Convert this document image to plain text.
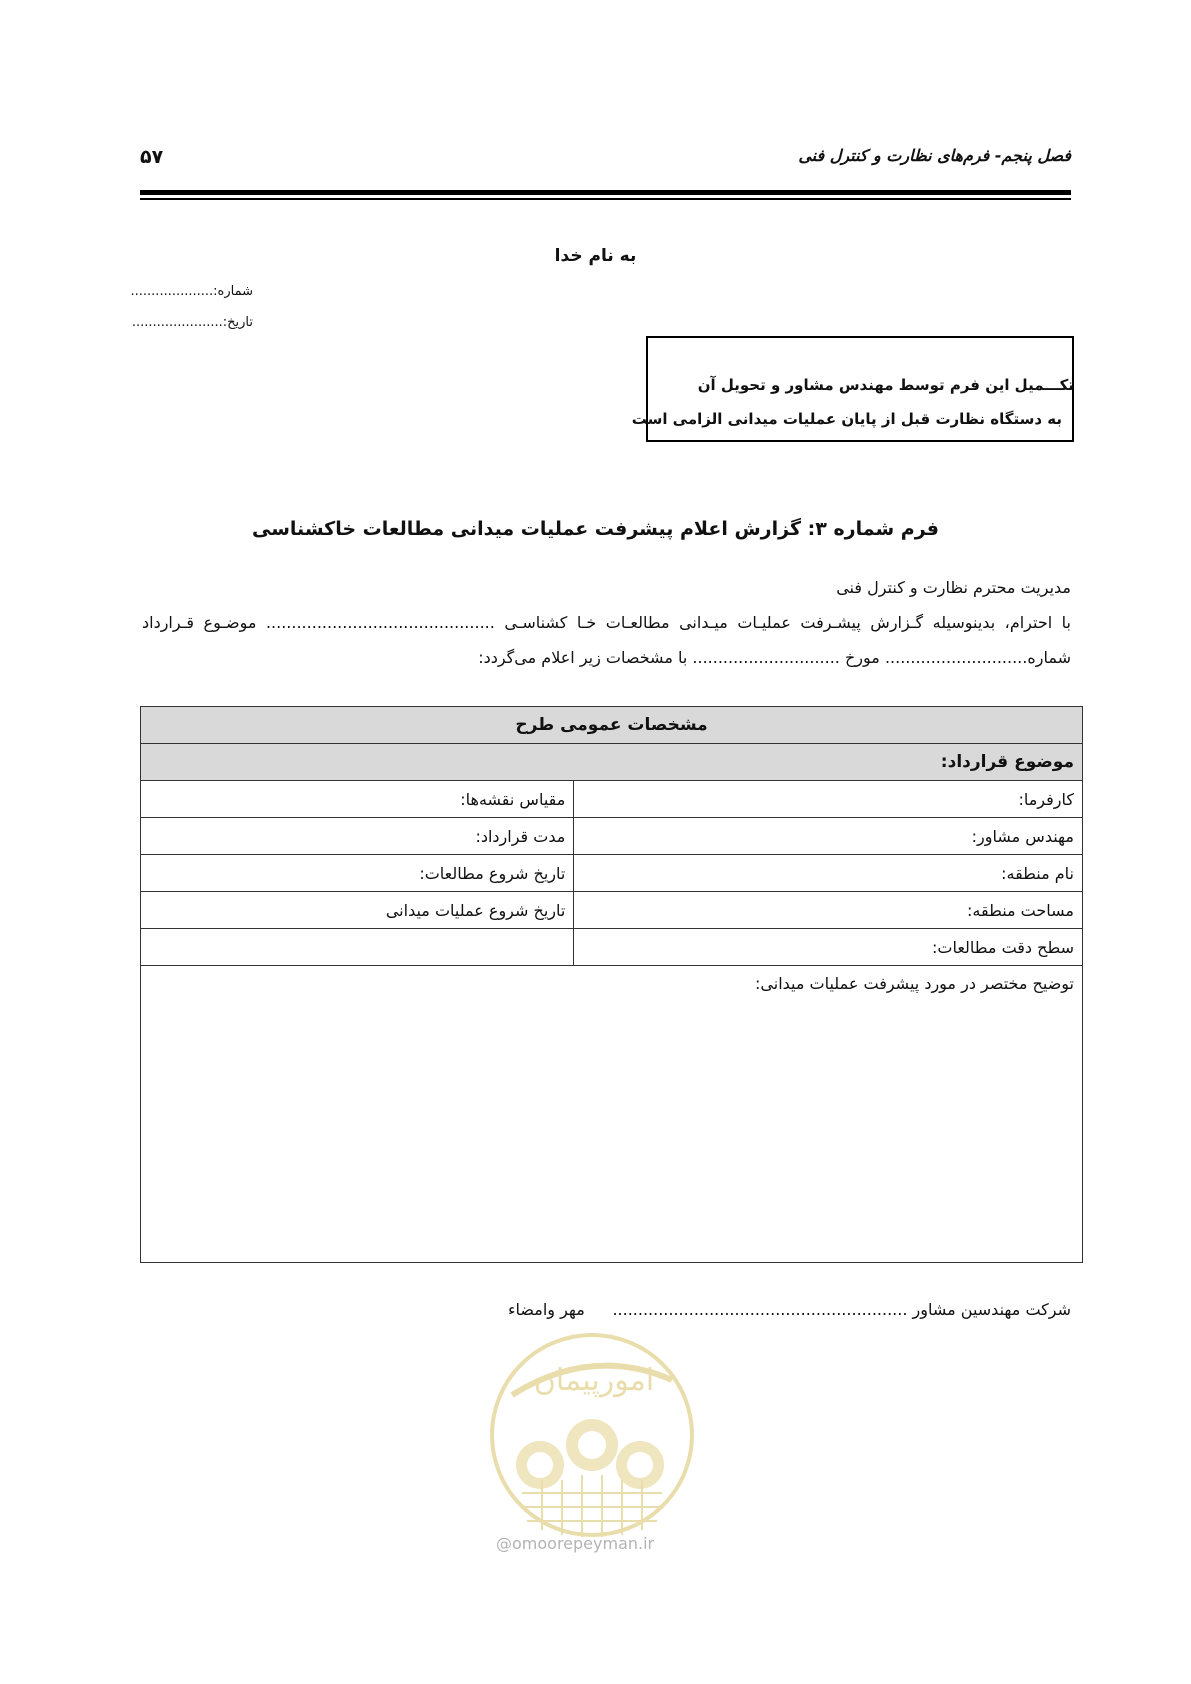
۵۷	فصل پنجم- فرم‌های نظارت و کنترل فنی
به نام خدا
شماره:....................
تاریخ:......................
تکـــمیل این فرم توسط مهندس مشاور و تحویل آن
به دستگاه نظارت قبل از پایان عملیات میدانی الزامی است
فرم شماره ۳: گزارش اعلام پیشرفت عملیات میدانی مطالعات خاکشناسی
مدیریت محترم نظارت و کنترل فنی
با احترام، بدینوسیله گـزارش پیشـرفت عملیـات میـدانی مطالعـات خـا کشناسـی ............................................. موضـوع قـرارداد
شماره............................ مورخ ............................. با مشخصات زیر اعلام می‌گردد:
مشخصات عمومی طرح	
موضوع قرارداد:	
کارفرما:	مقیاس نقشه‌ها:
مهندس مشاور:	مدت قرارداد:
نام منطقه:	تاریخ شروع مطالعات:
مساحت منطقه:	تاریخ شروع عملیات میدانی
سطح دقت مطالعات:	
توضیح مختصر در مورد پیشرفت عملیات میدانی:	
شرکت مهندسین مشاور ..........................................................
مهر وامضاء
امورپیمان
@omoorepeyman.ir
